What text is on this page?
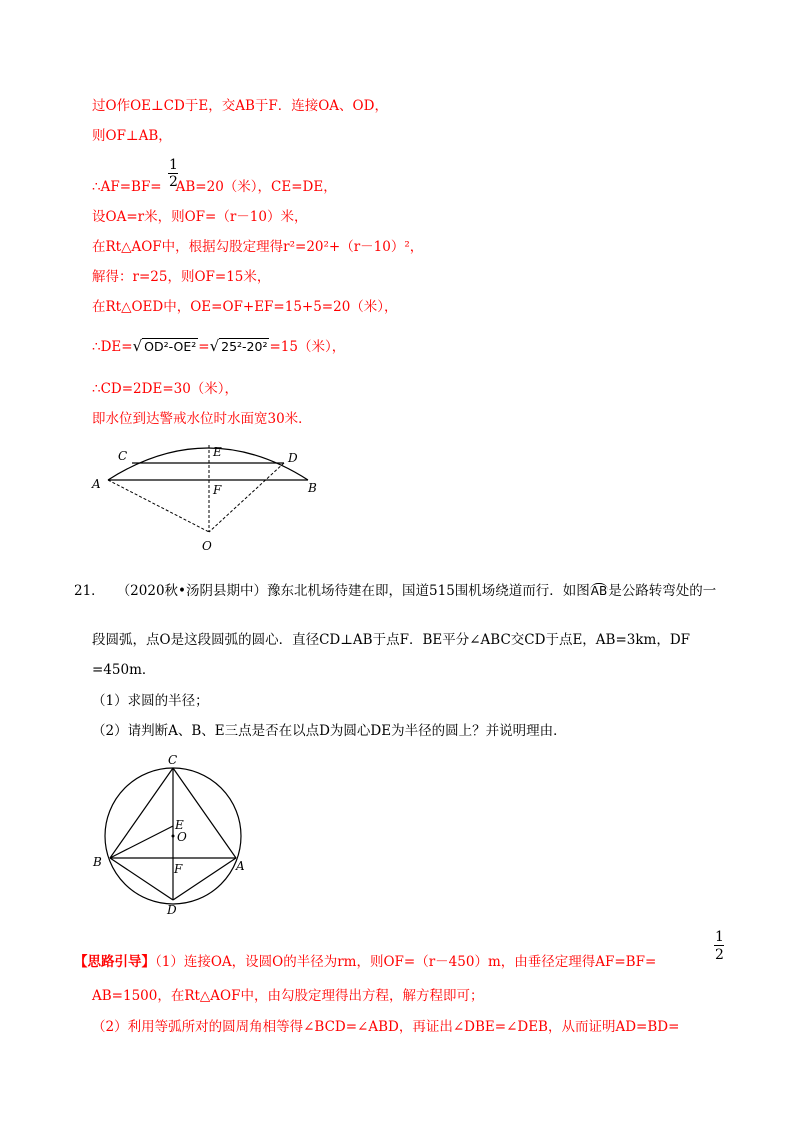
过O作OE⊥CD于E，交AB于F．连接OA、OD，
则OF⊥AB，
∴AF=BF= AB=20（米），CE=DE，
1
2
设OA=r米，则OF=（r－10）米，
在Rt△AOF中，根据勾股定理得r²=20²+（r－10）²，
解得：r=25，则OF=15米，
在Rt△OED中，OE=OF+EF=15+5=20（米），
∴DE=√ OD²-OE² =√ 25²-20² =15（米），
∴CD=2DE=30（米），
即水位到达警戒水位时水面宽30米．
C	E	D
A	F	B
O
21． （2020秋•汤阴县期中）豫东北机场待建在即，国道515围机场绕道而行．如图AB是公路转弯处的一
段圆弧，点O是这段圆弧的圆心．直径CD⊥AB于点F．BE平分∠ABC交CD于点E，AB=3km，DF
=450m．
（1）求圆的半径；
（2）请判断A、B、E三点是否在以点D为圆心DE为半径的圆上？并说明理由．
C
E
O
B	F	A
D
【思路引导】（1）连接OA，设圆O的半径为rm，则OF=（r－450）m，由垂径定理得AF=BF=
1
2
AB=1500，在Rt△AOF中，由勾股定理得出方程，解方程即可；
（2）利用等弧所对的圆周角相等得∠BCD=∠ABD，再证出∠DBE=∠DEB，从而证明AD=BD=
